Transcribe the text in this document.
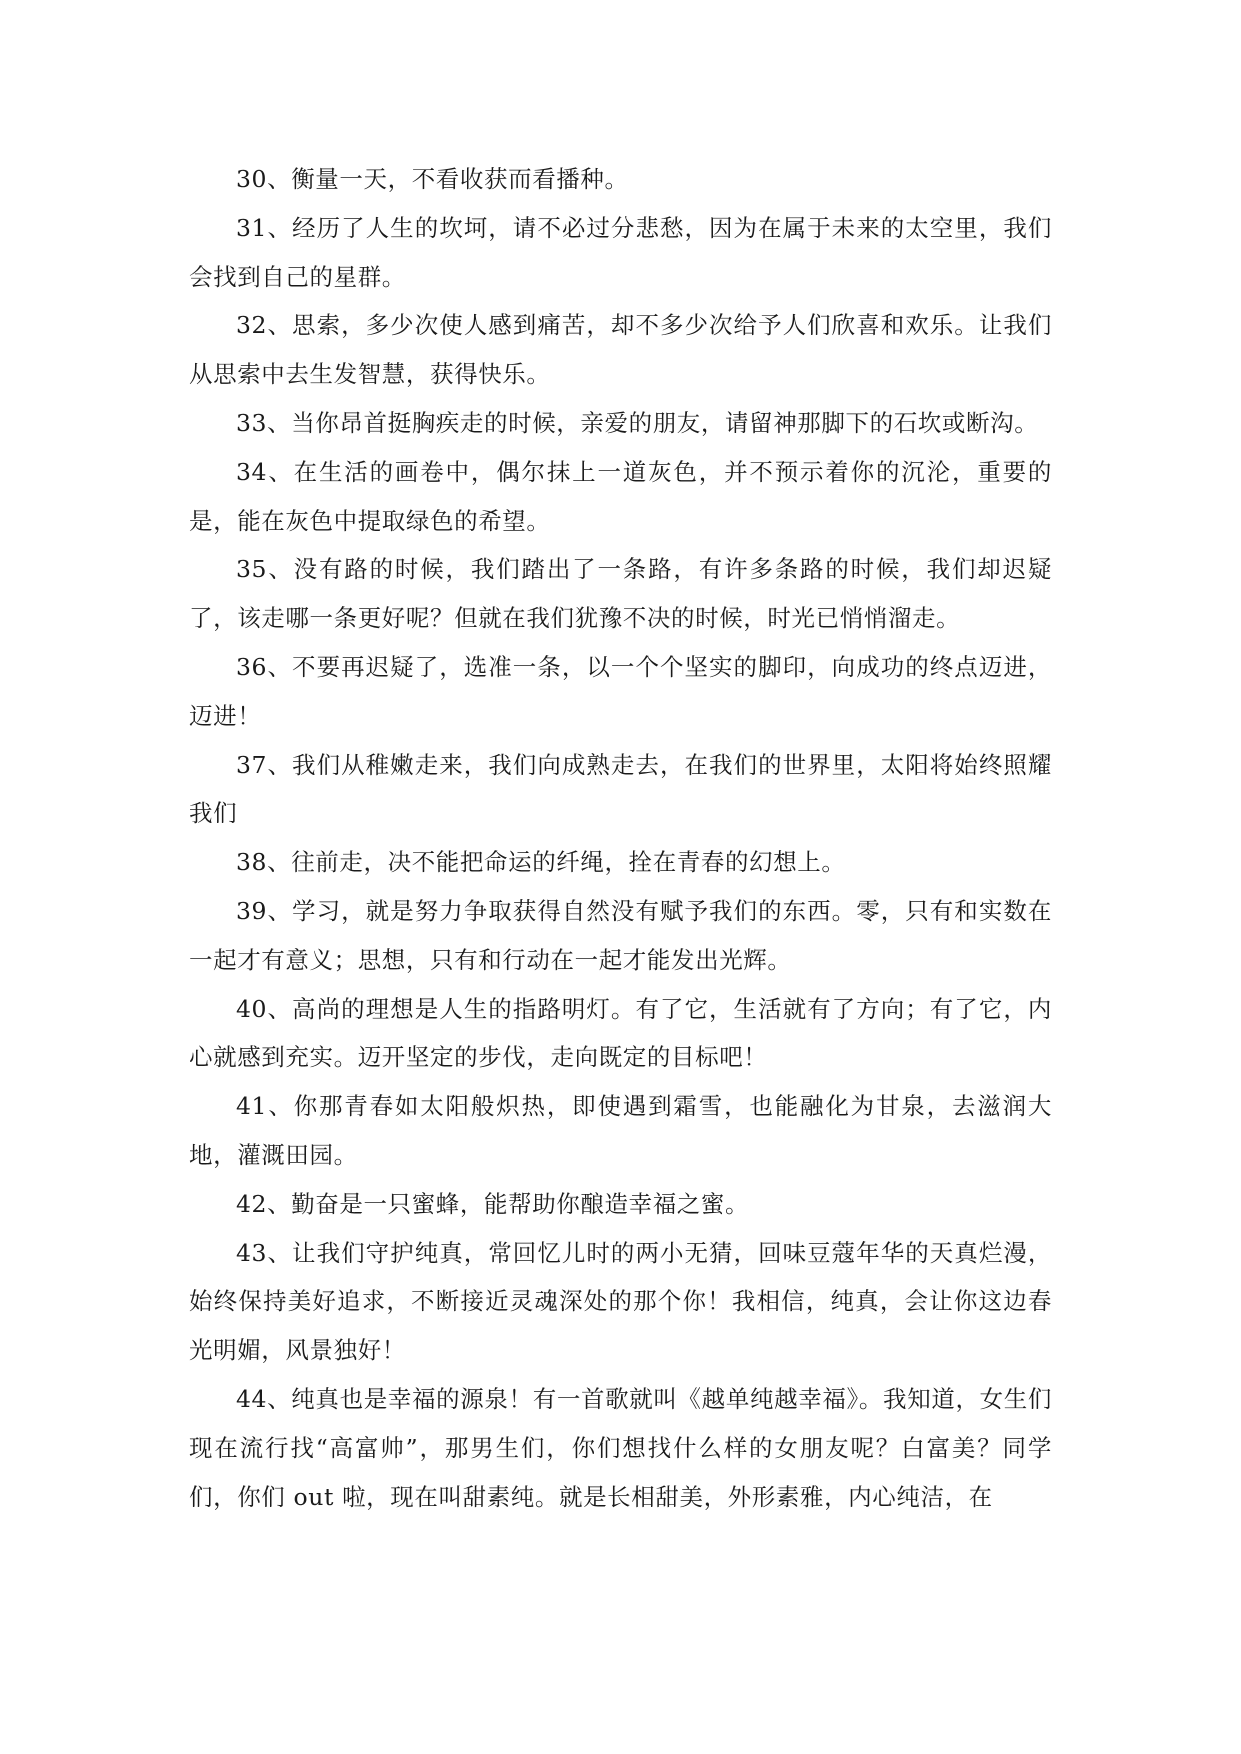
30、衡量一天，不看收获而看播种。

31、经历了人生的坎坷，请不必过分悲愁，因为在属于未来的太空里，我们会找到自己的星群。

32、思索，多少次使人感到痛苦，却不多少次给予人们欣喜和欢乐。让我们从思索中去生发智慧，获得快乐。

33、当你昂首挺胸疾走的时候，亲爱的朋友，请留神那脚下的石坎或断沟。

34、在生活的画卷中，偶尔抹上一道灰色，并不预示着你的沉沦，重要的是，能在灰色中提取绿色的希望。

35、没有路的时候，我们踏出了一条路，有许多条路的时候，我们却迟疑了，该走哪一条更好呢？但就在我们犹豫不决的时候，时光已悄悄溜走。

36、不要再迟疑了，选准一条，以一个个坚实的脚印，向成功的终点迈进，迈进！

37、我们从稚嫩走来，我们向成熟走去，在我们的世界里，太阳将始终照耀我们

38、往前走，决不能把命运的纤绳，拴在青春的幻想上。

39、学习，就是努力争取获得自然没有赋予我们的东西。零，只有和实数在一起才有意义；思想，只有和行动在一起才能发出光辉。

40、高尚的理想是人生的指路明灯。有了它，生活就有了方向；有了它，内心就感到充实。迈开坚定的步伐，走向既定的目标吧！

41、你那青春如太阳般炽热，即使遇到霜雪，也能融化为甘泉，去滋润大地，灌溉田园。

42、勤奋是一只蜜蜂，能帮助你酿造幸福之蜜。

43、让我们守护纯真，常回忆儿时的两小无猜，回味豆蔻年华的天真烂漫，始终保持美好追求，不断接近灵魂深处的那个你！我相信，纯真，会让你这边春光明媚，风景独好！

44、纯真也是幸福的源泉！有一首歌就叫《越单纯越幸福》。我知道，女生们现在流行找“高富帅”，那男生们，你们想找什么样的女朋友呢？白富美？同学们，你们 out 啦，现在叫甜素纯。就是长相甜美，外形素雅，内心纯洁，在
